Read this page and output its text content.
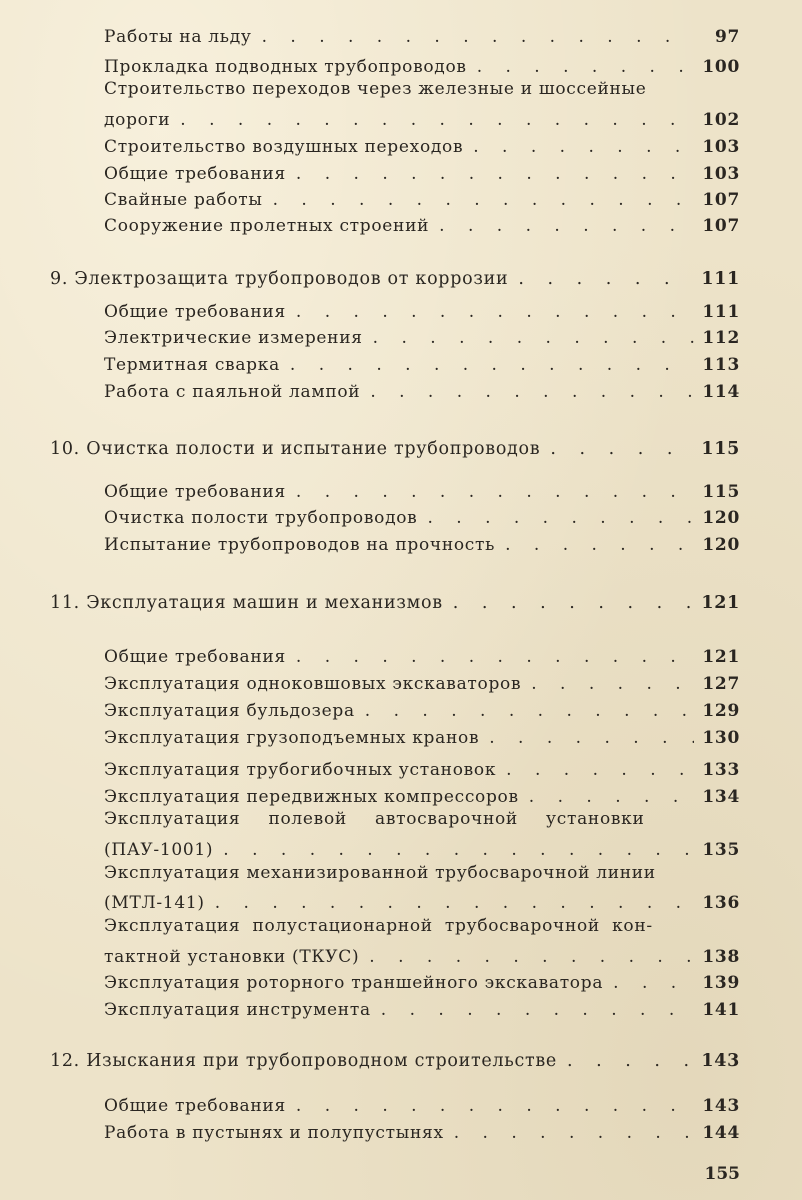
Работы на льду . . .	97
Прокладка подводных трубопроводов . . .	100
Строительство переходов через железные и шоссейные
дороги . . .	102
Строительство воздушных переходов . . .	103
Общие требования . . .	103
Свайные работы . . .	107
Сооружение пролетных строений . . .	107
9. Электрозащита трубопроводов от коррозии . . .	111
Общие требования . . .	111
Электрические измерения . . .	112
Термитная сварка . . .	113
Работа с паяльной лампой . . .	114
10. Очистка полости и испытание трубопроводов . . .	115
Общие требования . . .	115
Очистка полости трубопроводов . . .	120
Испытание трубопроводов на прочность . . .	120
11. Эксплуатация машин и механизмов . . .	121
Общие требования . . .	121
Эксплуатация одноковшовых экскаваторов . . .	127
Эксплуатация бульдозера . . .	129
Эксплуатация грузоподъемных кранов . . .	130
Эксплуатация трубогибочных установок . . .	133
Эксплуатация передвижных компрессоров . . .	134
Эксплуатация полевой автосварочной установки
(ПАУ-1001) . . .	135
Эксплуатация механизированной трубосварочной линии
(МТЛ-141) . . .	136
Эксплуатация полустационарной трубосварочной кон-
тактной установки (ТКУС) . . .	138
Эксплуатация роторного траншейного экскаватора . . .	139
Эксплуатация инструмента . . .	141
12. Изыскания при трубопроводном строительстве . . .	143
Общие требования . . .	143
Работа в пустынях и полупустынях . . .	144
155
